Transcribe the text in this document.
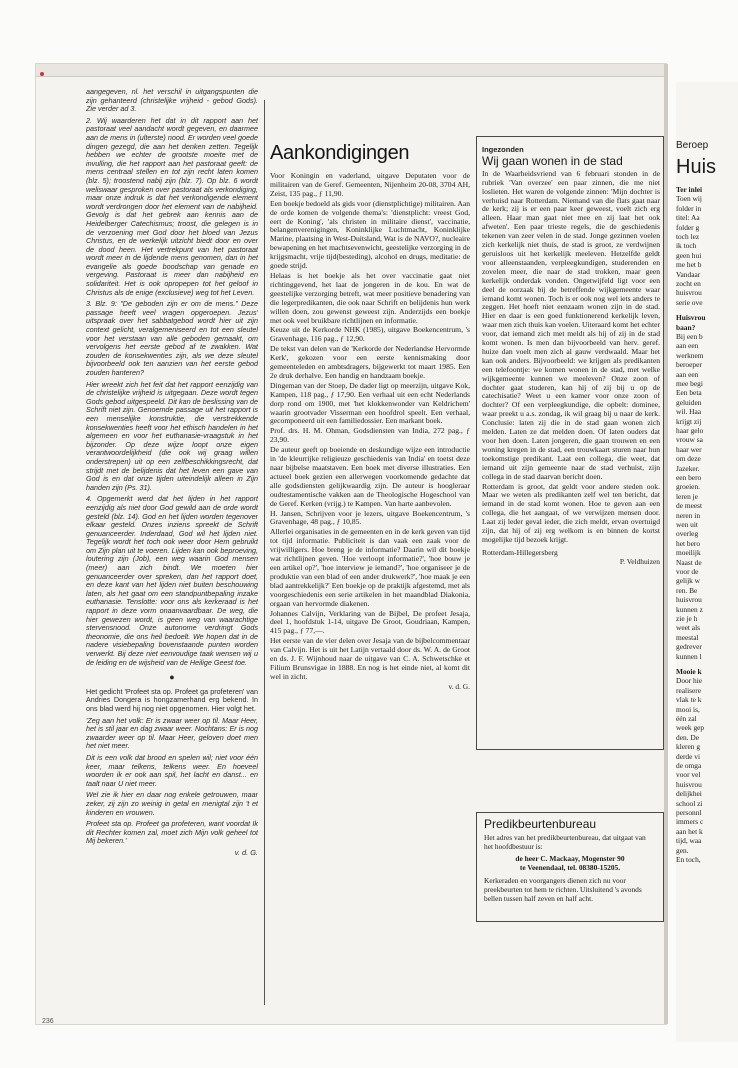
aangegeven, nl. het verschil in uitgangspunten die zijn gehanteerd (christelijke vrijheid - gebod Gods). Zie verder ad 3.

2. Wij waarderen het dat in dit rapport aan het pastoraat veel aandacht wordt gegeven, en daarmee aan de mens in (ulterste) nood. Er worden veel goede dingen gezegd, die aan het denken zetten. Tegelijk hebben we echter de grootste moeite met de invulling, die het rapport aan het pastoraat geeft: de mens centraal stellen en tot zijn recht laten komen (blz. 5); troostend nabij zijn (blz. 7). Op blz. 6 wordt weliswaar gesproken over pastoraat als verkondiging, maar onze indruk is dat het verkondigende element wordt verdrongen door het element van de nabijheid. Gevolg is dat het gebrek aan kennis aan de Heidelberger Catechismus; troost, die gelegen is in de verzoening met God door het bloed van Jezus Christus, en de werkelijk uitzicht biedt door en over de dood heen. Het vertrekpunt van het pastoraat wordt meer in de lijdende mens genomen, dan in het evangelie als goede boodschap van genade en vergeving. Pastoraat is meer dan nabijheid en solidariteit. Het is ook opropepen tot het geloof in Christus als de enige (exclusieve) weg tot het Leven.

3. Blz. 9: "De geboden zijn er om de mens." Deze passage heeft veel vragen opgeroepen. Jezus' uitspraak over het sabbatgebod wordt hier uit zijn context gelicht, veralgemeniseerd en tot een sleutel voor het verstaan van alle geboden gemaakt, om vervolgens het eerste gebod af te zwakken. Wat zouden de konsekwenties zijn, als we deze sleutel bijvoorbeeld ook ten aanzien van het eerste gebod zouden hanteren?

Hier wreekt zich het feit dat het rapport eenzijdig van de christelijke vrijheid is uitgegaan. Deze wordt tegen Gods gebod uitgespeeld. Dit kan de beslissing van de Schrift niet zijn. Genoemde passage uit het rapport is een menselijke konstruktie, die verstrekkende konsekwenties heeft voor het ethisch handelen in het algemeen en voor het euthanasie-vraagstuk in het bijzonder. Op deze wijze loopt onze eigen verantwoordelijkheid (die ook wij graag willen onderstrepen) uit op een zelfbeschikkingsrecht, dat strijdt met de belijdenis dat het leven een gave van God is en dat onze tijden uiteindelijk alleen in Zijn handen zijn (Ps. 31).

4. Opgemerkt werd dat het lijden in het rapport eenzijdig als niet door God gewild aan de orde wordt gesteld (blz. 14). God en het lijden worden tegenover elkaar gesteld. Onzes inziens spreekt de Schrift genuanceerder. Inderdaad, God wil het lijden niet. Tegelijk wordt het toch ook weer door Hem gebruikt om Zijn plan uit te voeren. Lijden kan ook beproeving, loutering zijn (Job), een weg waarin God mensen (meer) aan zich bindt. We moeten hier genuanceerder over spreken, dan het rapport doet, en deze kant van het lijden niet buiten beschouwing laten, als het gaat om een standpuntbepaling inzake euthanasie. Tenslotte: voor ons als kerkeraad is het rapport in deze vorm onaanvaardbaar. De weg, die hier gewezen wordt, is geen weg van waarachtige stervensnood. Onze autonome verdringt Gods theonomie, die ons heil bedoelt. We hopen dat in de nadere visiebepaling bovenstaande punten worden verwerkt. Bij deze niet eenvoudige taak wensen wij u de leiding en de wijsheid van de Heilige Geest toe.

●

Het gedicht 'Profeet sta op. Profeet ga profeteren' van Andries Dongera is hongzamerhand erg bekend. In ons blad werd hij nog niet opgenomen. Hier volgt het.

'Zeg aan het volk: Er is zwaar weer op til. Maar Heer, het is stil jaar en dag zwaar weer. Nochtans: Er is nog zwaarder weer op til. Maar Heer, geloven doet men het niet meer.

Dit is een volk dat brood en spelen wil; niet voor één keer, maar telkens, telkens weer. En hoeveel woorden ik er ook aan spil, het lacht en danst... en taalt naar U niet meer.

Wel zie ik hier en daar nog enkele getrouwen, maar zeker, zij zijn zo weinig in getal en menigtal zijn 't et kinderen en vrouwen.

Profeet sta op. Profeet ga profeteren, want voordat Ik dit Rechter komen zal, moet zich Mijn volk geheel tot Mij bekeren.'

v. d. G.
Aankondigingen

Voor Koningin en vaderland, uitgave Deputaten voor de militairen van de Geref. Gemeenten, Nijenheim 20-08, 3704 AH, Zeist, 135 pag., ƒ 11,90.

Een boekje bedoeld als gids voor (dienstplichtige) militairen. Aan de orde komen de volgende thema's: 'dienstplicht: vreest God, eert de Koning', 'als christen in militaire dienst', vaccinatie, belangenverenigingen, Koninklijke Luchtmacht, Koninklijke Marine, plaatsing in West-Duitsland, Wat is de NAVO?, nucleaire bewapening en het machtsevenwicht, geestelijke verzorging in de krijgsmacht, vrije tijd(besteding), alcohol en drugs, meditatie: de goede strijd.

Helaas is het boekje als het over vaccinatie gaat niet richtinggevend, het laat de jongeren in de kou. En wat de geestelijke verzorging betreft, wat meer positieve benadering van die legerpredikanten, die ook naar Schrift en belijdenis hun werk willen doen, zou gewenst geweest zijn. Anderzijds een boekje met ook veel bruikbare richtlijnen en informatie.

Keuze uit de Kerkorde NHK (1985), uitgave Boekencentrum, 's Gravenhage, 116 pag., ƒ 12,90.

De tekst van delen van de 'Kerkorde der Nederlandse Hervormde Kerk', gekozen voor een eerste kennismaking door gemeenteleden en ambtsdragers, bijgewerkt tot maart 1985. Een 2e druk derhalve. Een handig en handzaam boekje.

Dingeman van der Stoep, De dader ligt op meerzijn, uitgave Kok, Kampen, 118 pag., ƒ 17,90. Een verhaal uit een echt Nederlands dorp rond om 1900, met 'het klokkenwonder van Keldrichem' waarin grootvader Visserman een hoofdrol speelt. Een verhaal, gecomponeerd uit een familiedossier. Een markant boek.

Prof. drs. H. M. Ohman, Godsdiensten van India, 272 pag., ƒ 23,90.

De auteur geeft op boeiende en deskundige wijze een introductie in 'de kleurrijke religieuze geschiedenis van India' en toetst deze naar bijbelse maatstaven. Een boek met diverse illustraties. Een actueel boek gezien een allerwegen voorkomende gedachte dat alle godsdiensten gelijkwaardig zijn. De auteur is hoogleraar oudtestamentische vakken aan de Theologische Hogeschool van de Geref. Kerken (vrijg.) te Kampen. Van harte aanbevolen.

H. Jansen, Schrijven voor je lezers, uitgave Boekencentrum, 's Gravenhage, 48 pag., ƒ 10,85.

Allerlei organisaties in de gemeenten en in de kerk geven van tijd tot tijd informatie. Publiciteit is dan vaak een zaak voor de vrijwilligers. Hoe breng je de informatie? Daarin wil dit boekje wat richtlijnen geven. 'Hoe verloopt informatie?', 'hoe bouw je een artikel op?', 'hoe interview je iemand?', 'hoe organiseer je de produktie van een blad of een ander drukwerk?', 'hoe maak je een blad aantrekkelijk?' Een boekje op de praktijk afgestemd, met als voorgeschiedenis een serie artikelen in het maandblad Diakonia, orgaan van hervormde diakenen.

Johannes Calvijn, Verklaring van de Bijbel, De profeet Jesaja, deel 1, hoofdstuk 1-14, uitgave De Groot, Goudriaan, Kampen, 415 pag., ƒ 77,—.

Het eerste van de vier delen over Jesaja van de bijbelcommentaar van Calvijn. Het is uit het Latijn vertaald door ds. W. A. de Groot en ds. J. F. Wijnhoud naar de uitgave van C. A. Schwetschke et Filium Brunsvigae in 1888. En nog is het einde niet, al komt dit wel in zicht.

v. d. G.
Ingezonden
Wij gaan wonen in de stad

In de Waarheidsvriend van 6 februari stonden in de rubriek 'Van overzee' een paar zinnen, die me niet loslieten. Het waren de volgende zinnen: 'Mijn dochter is verhuisd naar Rotterdam. Niemand van die flats gaat naar de kerk; zij is er een paar keer geweest, voelt zich erg alleen. Haar man gaat niet mee en zij laat het ook afweten'. Een paar trieste regels, die de geschiedenis tekenen van zeer velen in de stad. Jonge gezinnen voelen zich kerkelijk niet thuis, de stad is groot, ze verdwijnen geruisloos uit het kerkelijk meeleven. Hetzelfde geldt voor alleenstaanden, verpleegkundigen, studerenden en zovelen meer, die naar de stad trokken, maar geen kerkelijk onderdak vonden. Ongetwijfeld ligt voor een deel de oorzaak bij de betreffende wijkgemeente waar iemand komt wonen. Toch is er ook nog wel iets anders te zeggen. Het hoeft niet eenzaam wonen zijn in de stad. Hier en daar is een goed funktionerend kerkelijk leven, waar men zich thuis kan voelen. Uiteraard komt het echter voor, dat iemand zich met meldt als hij of zij in de stad komt wonen. Is men dan bijvoorbeeld van herv. geref. huize dan voelt men zich al gauw verdwaald. Maar het kan ook anders. Bijvoorbeeld: we krijgen als predikanten een telefoontje: we komen wonen in de stad, met welke wijkgemeente kunnen we meeleven? Onze zoon of dochter gaat studeren, kan hij of zij bij u op de catechisatie? Weet u een kamer voor onze zoon of dochter? Of een verpleegkundige, die opbelt: dominee, waar preekt u a.s. zondag, ik wil graag bij u naar de kerk. Conclusie: laten zij die in de stad gaan wonen zich melden. Laten ze dat melden doen. Of laten ouders dat voor hen doen. Laten jongeren, die gaan trouwen en een woning kregen in de stad, een trouwkaart sturen naar hun toekomstige predikant. Laat een collega, die weet, dat iemand uit zijn gemeente naar de stad verhuist, zijn collega in de stad daarvan bericht doen.

Rotterdam is groot, dat geldt voor andere steden ook. Maar we weten als predikanten zelf wel ten bericht, dat iemand in de stad komt wonen. Hoe te geven aan een collega, die het aangaat, of we verwijzen mensen door. Laat zij leder geval ieder, die zich meldt, ervan overtuigd zijn, dat hij of zij erg welkom is en binnen de kortst mogelijke tijd bezoek krijgt.

Rotterdam-Hillegersberg
P. Veldhuizen
Predikbeurtenbureau
Het adres van het predikbeurtenbureau, dat uitgaat van het hoofdbestuur is:
de heer C. Mackaay, Mogenster 90
te Veenendaal, tel. 08380-15205.
Kerkeraden en voorgangers dienen zich nu voor preekbeurten tot hem te richten. Uitsluitend 's avonds bellen tussen half zeven en half acht.
Beroep
Huis
Ter inlei
Toen wij
folder in
titel: Aa
folder g
toch lez
ik toch
geen hui
me het b
Vandaar
zocht en
huisvrou
serie ove
Huisvrou
baan?
Bij een b
aan een
werknem
beroeper
aan een
mee begi
Een beta
geluiden
wil. Haa
krijgt zij
haar gelo
vrouw sa
haar wer
om deze
Jazeker.
een bero
groeien.
leren je
de meest
neren in
wen uit
overleg
het bero
moeilijk
Naast de
voor de
gelijk w
ren. Be
huisvrou
kunnen z
zie je h
weet als
meestal
gedrever
kunnen l
Mooie k
Door hie
realisere
vlak te k
mooi is,
één zal
week gep
den. De
kleren g
derde vi
de omga
voor vel
huisvrou
delijkhei
school zi
personnl
immers c
aan het k
tijd, waa
gen.
En toch,
236
